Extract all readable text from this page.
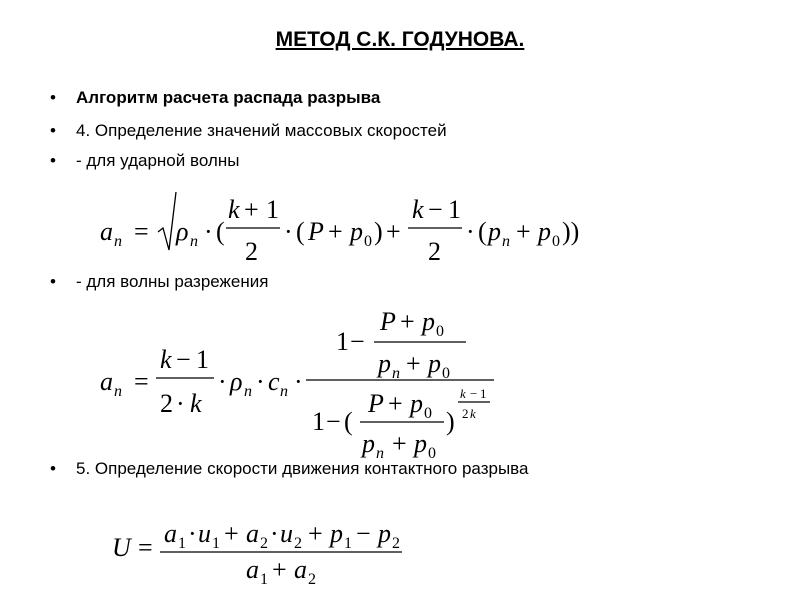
МЕТОД С.К. ГОДУНОВА.
•	Алгоритм расчета распада разрыва
•	4. Определение значений массовых скоростей
•	- для ударной волны
•	- для волны разрежения
•	5. Определение скорости движения контактного разрыва
a n = ρ n · (
k + 1
2
· ( P + p 0 ) +
k − 1
2
· ( p n + p 0 ))
a n =
k − 1
2 · k
· ρ n · c n ·
1 −
P + p 0
p n + p 0
1 − (
P + p 0
p n + p 0
)
k − 1
2 k
U = a 1 · u 1 + a 2 · u 2 + p 1 − p 2
a 1 + a 2
